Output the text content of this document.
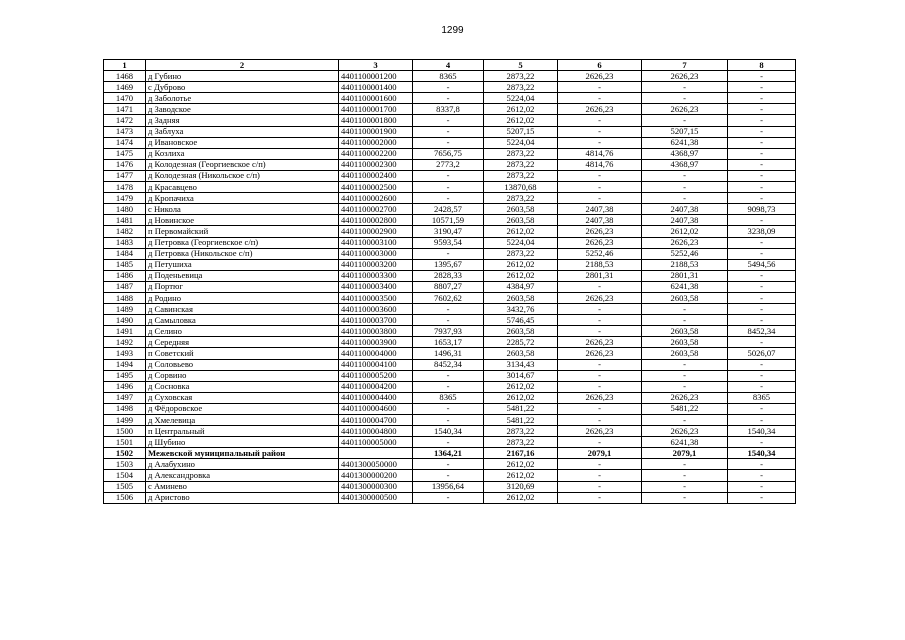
1299
1	2	3	4	5	6	7	8
1468	д Губино	4401100001200	8365	2873,22	2626,23	2626,23	-
1469	с Дуброво	4401100001400	-	2873,22	-	-	-
1470	д Заболотье	4401100001600	-	5224,04	-	-	-
1471	д Заводское	4401100001700	8337,8	2612,02	2626,23	2626,23	-
1472	д Задняя	4401100001800	-	2612,02	-	-	-
1473	д Заблуха	4401100001900	-	5207,15	-	5207,15	-
1474	д Ивановское	4401100002000	-	5224,04	-	6241,38	-
1475	д Козлиха	4401100002200	7656,75	2873,22	4814,76	4368,97	-
1476	д Колодезная (Георгиевское с/п)	4401100002300	2773,2	2873,22	4814,76	4368,97	-
1477	д Колодезная (Никольское с/п)	4401100002400	-	2873,22	-	-	-
1478	д Красавцево	4401100002500	-	13870,68	-	-	-
1479	д Кропачиха	4401100002600	-	2873,22	-	-	-
1480	с Никола	4401100002700	2428,57	2603,58	2407,38	2407,38	9098,73
1481	д Новинское	4401100002800	10571,59	2603,58	2407,38	2407,38	-
1482	п Первомайский	4401100002900	3190,47	2612,02	2626,23	2612,02	3238,09
1483	д Петровка (Георгиевское с/п)	4401100003100	9593,54	5224,04	2626,23	2626,23	-
1484	д Петровка (Никольское с/п)	4401100003000	-	2873,22	5252,46	5252,46	-
1485	д Петушиха	4401100003200	1395,67	2612,02	2188,53	2188,53	5494,56
1486	д Поденьевица	4401100003300	2828,33	2612,02	2801,31	2801,31	-
1487	д Портюг	4401100003400	8807,27	4384,97	-	6241,38	-
1488	д Родино	4401100003500	7602,62	2603,58	2626,23	2603,58	-
1489	д Савинская	4401100003600	-	3432,76	-	-	-
1490	д Самыловка	4401100003700	-	5746,45	-	-	-
1491	д Селино	4401100003800	7937,93	2603,58	-	2603,58	8452,34
1492	д Середняя	4401100003900	1653,17	2285,72	2626,23	2603,58	-
1493	п Советский	4401100004000	1496,31	2603,58	2626,23	2603,58	5026,07
1494	д Соловьево	4401100004100	8452,34	3134,43	-	-	-
1495	д Сорвино	4401100005200	-	3014,67	-	-	-
1496	д Сосновка	4401100004200	-	2612,02	-	-	-
1497	д Суховская	4401100004400	8365	2612,02	2626,23	2626,23	8365
1498	д Фёдоровское	4401100004600	-	5481,22	-	5481,22	-
1499	д Хмелевица	4401100004700	-	5481,22	-	-	-
1500	п Центральный	4401100004800	1540,34	2873,22	2626,23	2626,23	1540,34
1501	д Шубино	4401100005000	-	2873,22	-	6241,38	-
1502	Межевской муниципальный район		1364,21	2167,16	2079,1	2079,1	1540,34
1503	д Алабухино	4401300050000	-	2612,02	-	-	-
1504	д Александровка	4401300000200	-	2612,02	-	-	-
1505	с Аминево	4401300000300	13956,64	3120,69	-	-	-
1506	д Аристово	4401300000500	-	2612,02	-	-	-
